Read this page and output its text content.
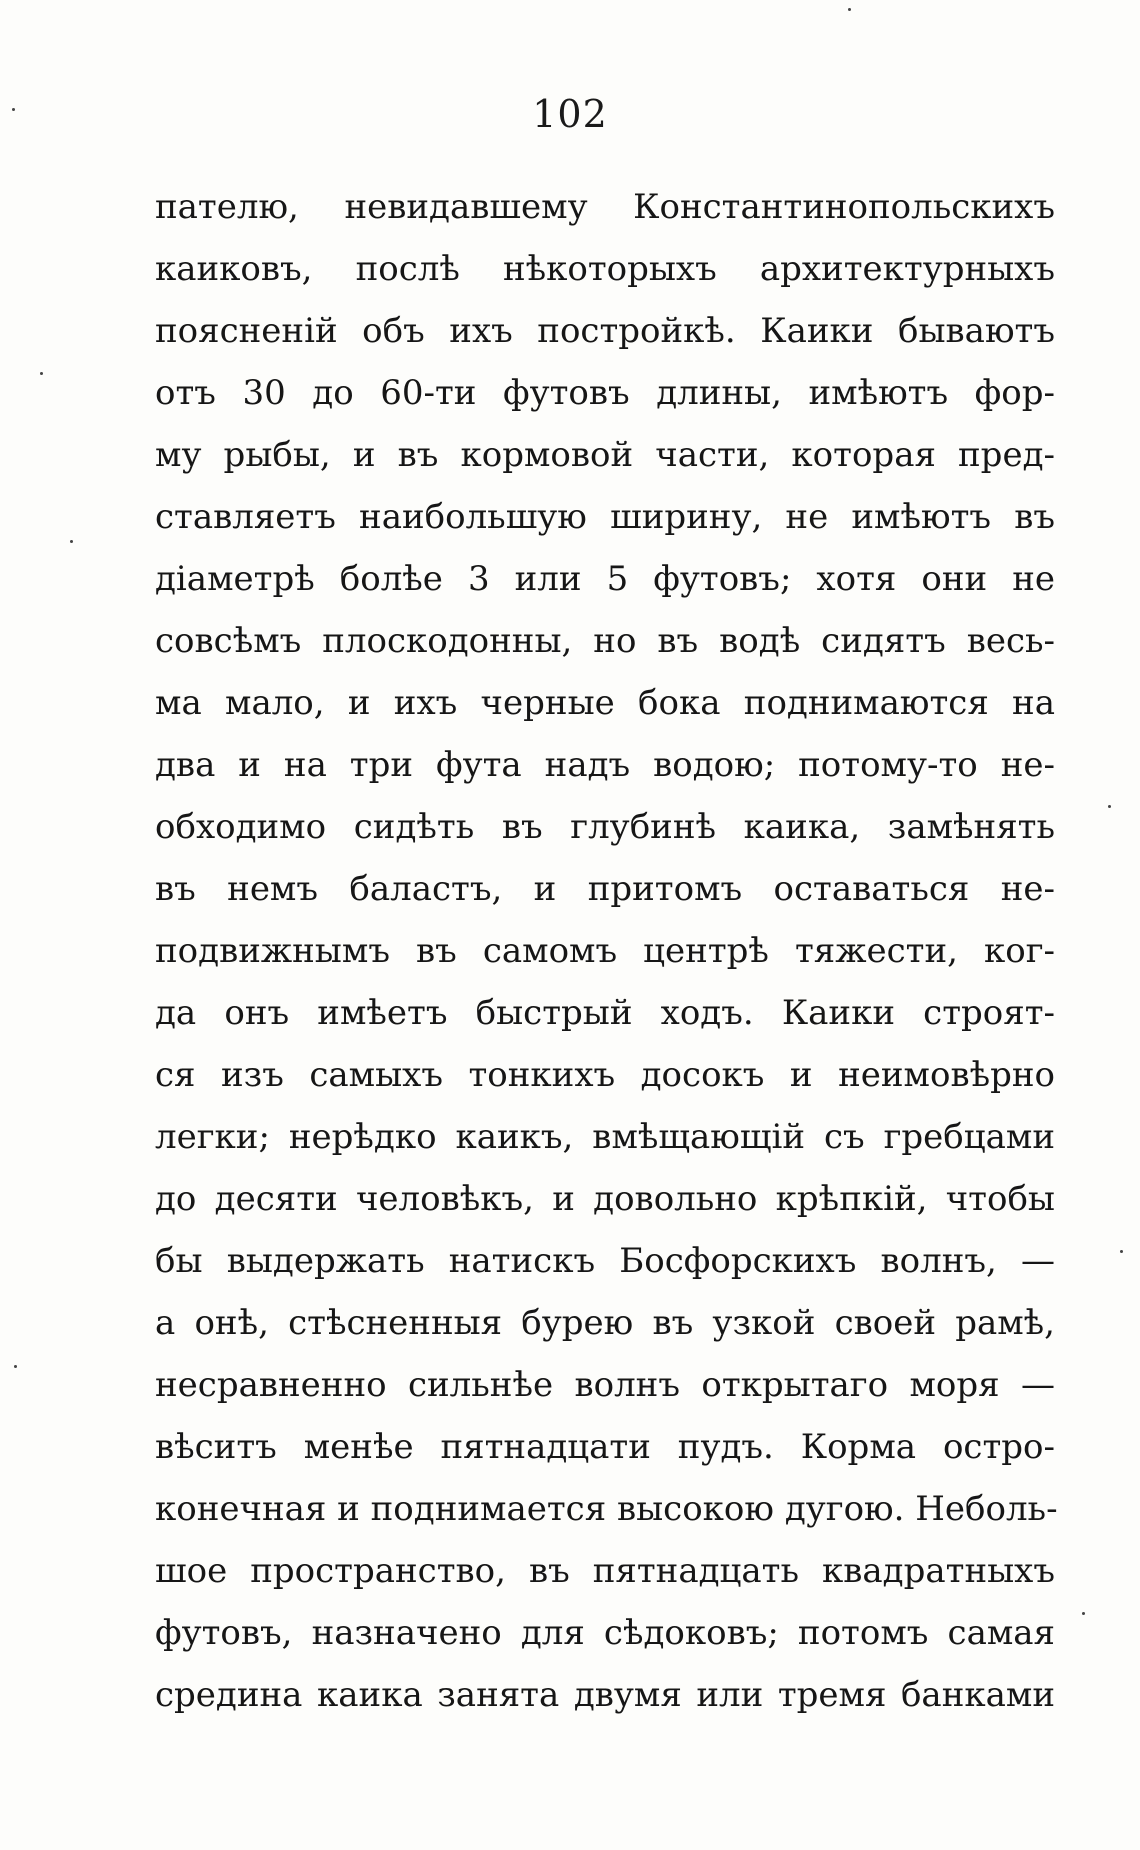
102
пателю, невидавшему Константинопольскихъ
каиковъ, послѣ нѣкоторыхъ архитектурныхъ
поясненій объ ихъ постройкѣ. Каики бываютъ
отъ 30 до 60-ти футовъ длины, имѣютъ фор-
му рыбы, и въ кормовой части, которая пред-
ставляетъ наибольшую ширину, не имѣютъ въ
діаметрѣ болѣе 3 или 5 футовъ; хотя они не
совсѣмъ плоскодонны, но въ водѣ сидятъ весь-
ма мало, и ихъ черные бока поднимаются на
два и на три фута надъ водою; потому-то не-
обходимо сидѣть въ глубинѣ каика, замѣнять
въ немъ баластъ, и притомъ оставаться не-
подвижнымъ въ самомъ центрѣ тяжести, ког-
да онъ имѣетъ быстрый ходъ. Каики строят-
ся изъ самыхъ тонкихъ досокъ и неимовѣрно
легки; нерѣдко каикъ, вмѣщающій съ гребцами
до десяти человѣкъ, и довольно крѣпкій, чтобы
бы выдержать натискъ Босфорскихъ волнъ, —
а онѣ, стѣсненныя бурею въ узкой своей рамѣ,
несравненно сильнѣе волнъ открытаго моря —
вѣситъ менѣе пятнадцати пудъ. Корма остро-
конечная и поднимается высокою дугою. Неболь-
шое пространство, въ пятнадцать квадратныхъ
футовъ, назначено для сѣдоковъ; потомъ самая
средина каика занята двумя или тремя банками
